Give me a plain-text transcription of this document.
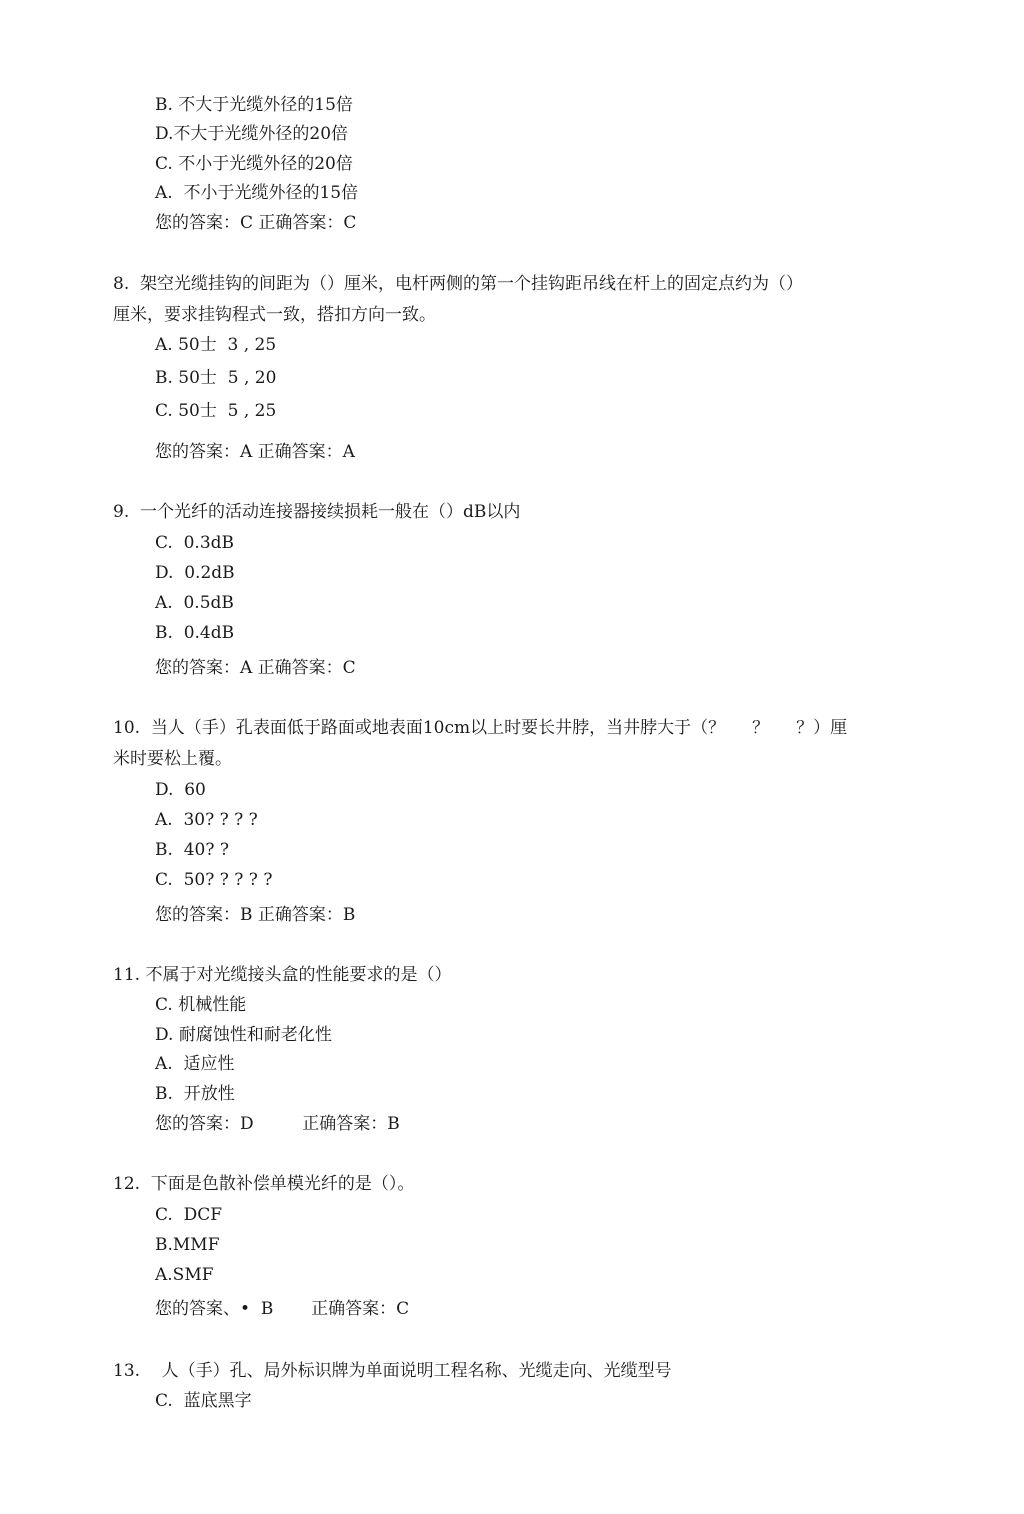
B. 不大于光缆外径的15倍
D.不大于光缆外径的20倍
C. 不小于光缆外径的20倍
A.  不小于光缆外径的15倍
您的答案：C 正确答案：C
8.  架空光缆挂钩的间距为（）厘米，电杆两侧的第一个挂钩距吊线在杆上的固定点约为（）
厘米，要求挂钩程式一致，搭扣方向一致。
A. 50士  3 , 25
B. 50士  5 , 20
C. 50士  5 , 25
您的答案：A 正确答案：A
9.  一个光纤的活动连接器接续损耗一般在（）dB以内
C.  0.3dB
D.  0.2dB
A.  0.5dB
B.  0.4dB
您的答案：A 正确答案：C
10.  当人（手）孔表面低于路面或地表面10cm以上时要长井脖，当井脖大于（？     ？     ？）厘
米时要松上覆。
D.  60
A.  30? ? ? ?
B.  40? ?
C.  50? ? ? ? ?
您的答案：B 正确答案：B
11. 不属于对光缆接头盒的性能要求的是（）
C. 机械性能
D. 耐腐蚀性和耐老化性
A.  适应性
B.  开放性
您的答案：D         正确答案：B
12.  下面是色散补偿单模光纤的是（）。
C.  DCF
B.MMF
A.SMF
您的答案、•  B       正确答案：C
13.    人（手）孔、局外标识牌为单面说明工程名称、光缆走向、光缆型号
C.  蓝底黑字
